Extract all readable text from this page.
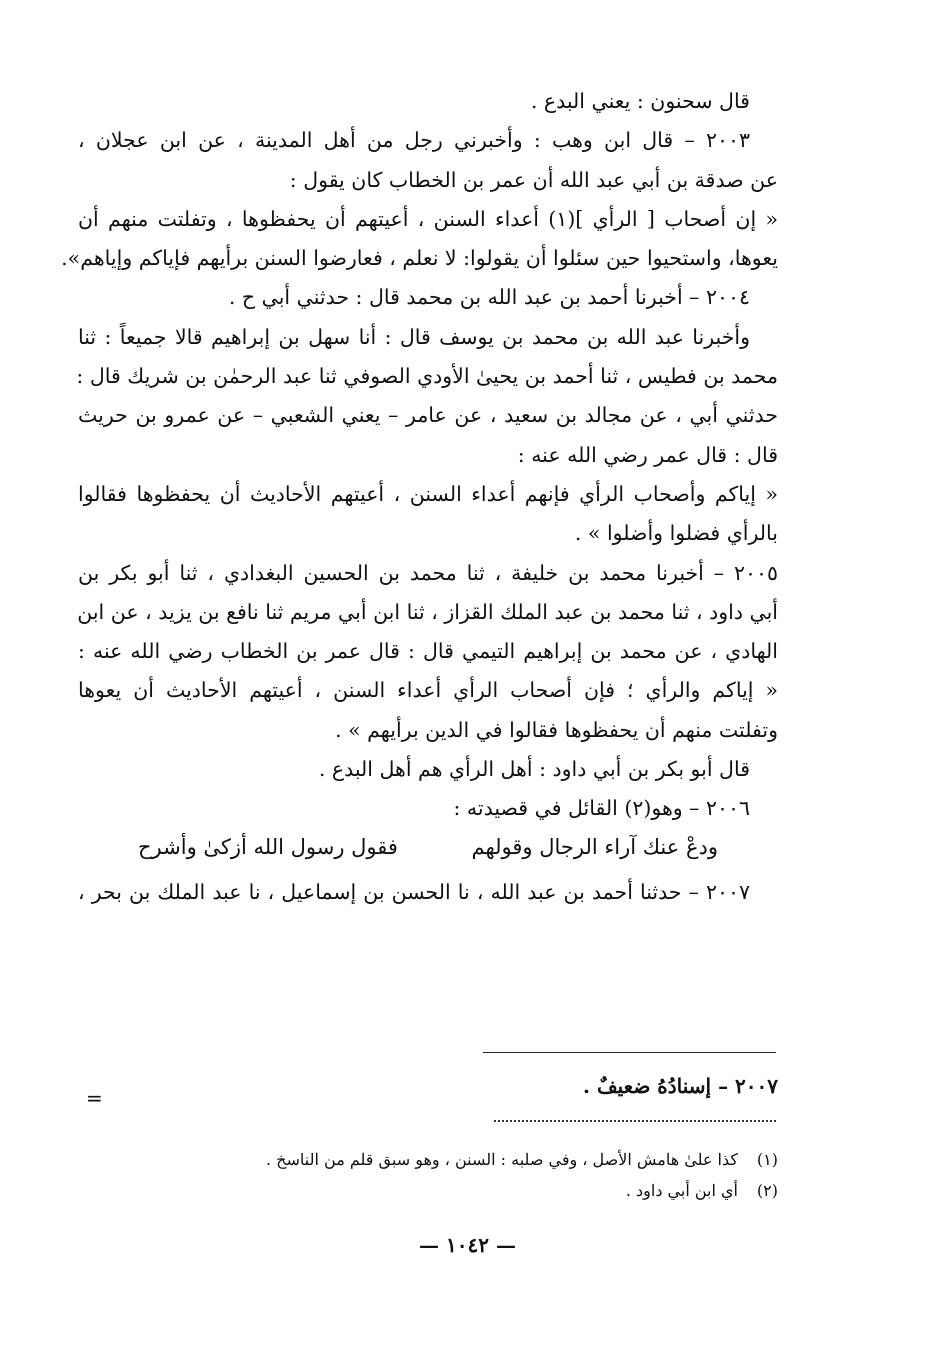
قال سحنون : يعني البدع .
٢٠٠٣ – قال ابن وهب : وأخبرني رجل من أهل المدينة ، عن ابن عجلان ،
عن صدقة بن أبي عبد الله أن عمر بن الخطاب كان يقول :
« إن أصحاب [ الرأي ](١) أعداء السنن ، أعيتهم أن يحفظوها ، وتفلتت منهم أن
يعوها، واستحيوا حين سئلوا أن يقولوا: لا نعلم ، فعارضوا السنن برأيهم فإياكم وإياهم».
٢٠٠٤ – أخبرنا أحمد بن عبد الله بن محمد قال : حدثني أبي ح .
وأخبرنا عبد الله بن محمد بن يوسف قال : أنا سهل بن إبراهيم قالا جميعاً : ثنا
محمد بن فطيس ، ثنا أحمد بن يحيىٰ الأودي الصوفي ثنا عبد الرحمٰن بن شريك قال :
حدثني أبي ، عن مجالد بن سعيد ، عن عامر – يعني الشعبي – عن عمرو بن حريث
قال : قال عمر رضي الله عنه :
« إياكم وأصحاب الرأي فإنهم أعداء السنن ، أعيتهم الأحاديث أن يحفظوها فقالوا
بالرأي فضلوا وأضلوا » .
٢٠٠٥ – أخبرنا محمد بن خليفة ، ثنا محمد بن الحسين البغدادي ، ثنا أبو بكر بن
أبي داود ، ثنا محمد بن عبد الملك القزاز ، ثنا ابن أبي مريم ثنا نافع بن يزيد ، عن ابن
الهادي ، عن محمد بن إبراهيم التيمي قال : قال عمر بن الخطاب رضي الله عنه :
« إياكم والرأي ؛ فإن أصحاب الرأي أعداء السنن ، أعيتهم الأحاديث أن يعوها
وتفلتت منهم أن يحفظوها فقالوا في الدين برأيهم » .
قال أبو بكر بن أبي داود : أهل الرأي هم أهل البدع .
٢٠٠٦ – وهو(٢) القائل في قصيدته :
ودعْ عنك آراء الرجال وقولهم
فقول رسول الله أزكىٰ وأشرح
٢٠٠٧ – حدثنا أحمد بن عبد الله ، نا الحسن بن إسماعيل ، نا عبد الملك بن بحر ،
٢٠٠٧ – إسنادُهُ ضعيفٌ .
=
(١)كذا علىٰ هامش الأصل ، وفي صلبه : السنن ، وهو سبق قلم من الناسخ .
(٢)أي ابن أبي داود .
— ١٠٤٢ —
